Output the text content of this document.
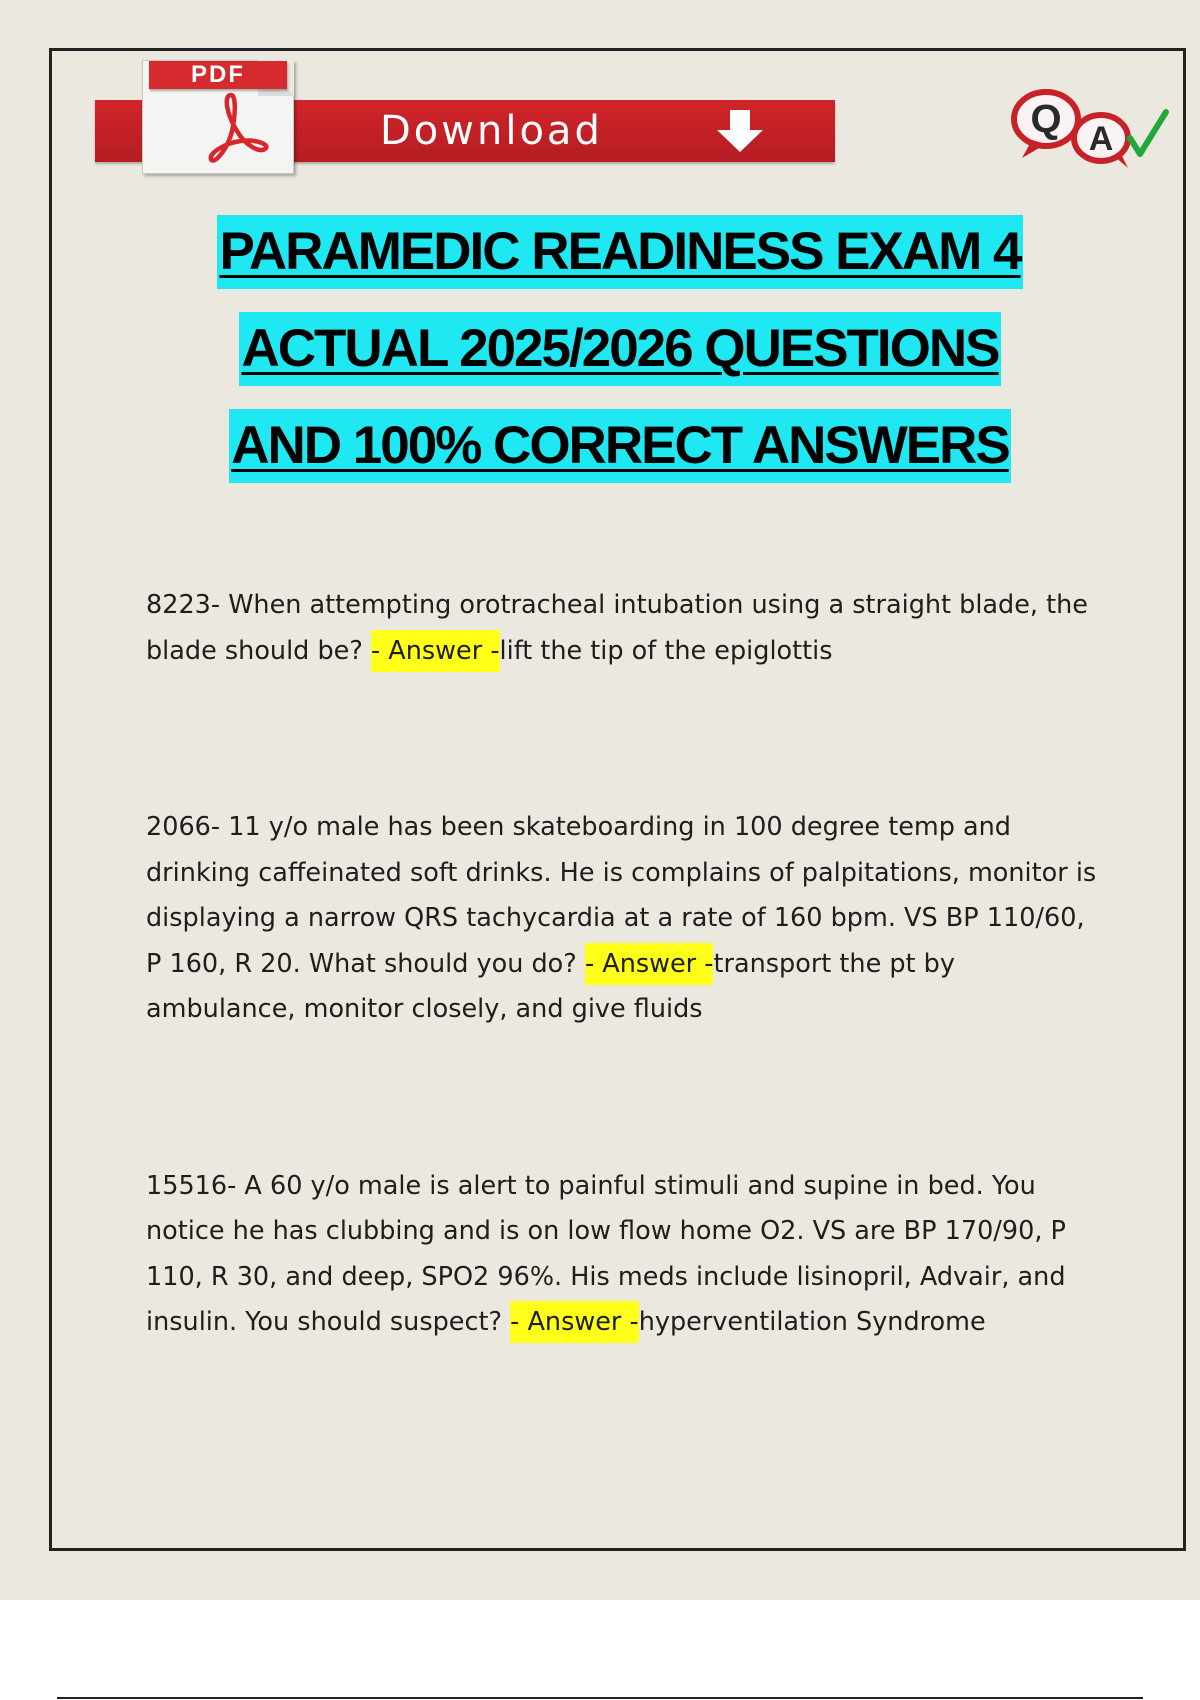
PDF
Download	Q A
PARAMEDIC READINESS EXAM 4
ACTUAL 2025/2026 QUESTIONS
AND 100% CORRECT ANSWERS

8223- When attempting orotracheal intubation using a straight blade, the blade should be? - Answer -lift the tip of the epiglottis

2066- 11 y/o male has been skateboarding in 100 degree temp and drinking caffeinated soft drinks. He is complains of palpitations, monitor is displaying a narrow QRS tachycardia at a rate of 160 bpm. VS BP 110/60, P 160, R 20. What should you do? - Answer -transport the pt by ambulance, monitor closely, and give fluids

15516- A 60 y/o male is alert to painful stimuli and supine in bed. You notice he has clubbing and is on low flow home O2. VS are BP 170/90, P 110, R 30, and deep, SPO2 96%. His meds include lisinopril, Advair, and insulin. You should suspect? - Answer -hyperventilation Syndrome
